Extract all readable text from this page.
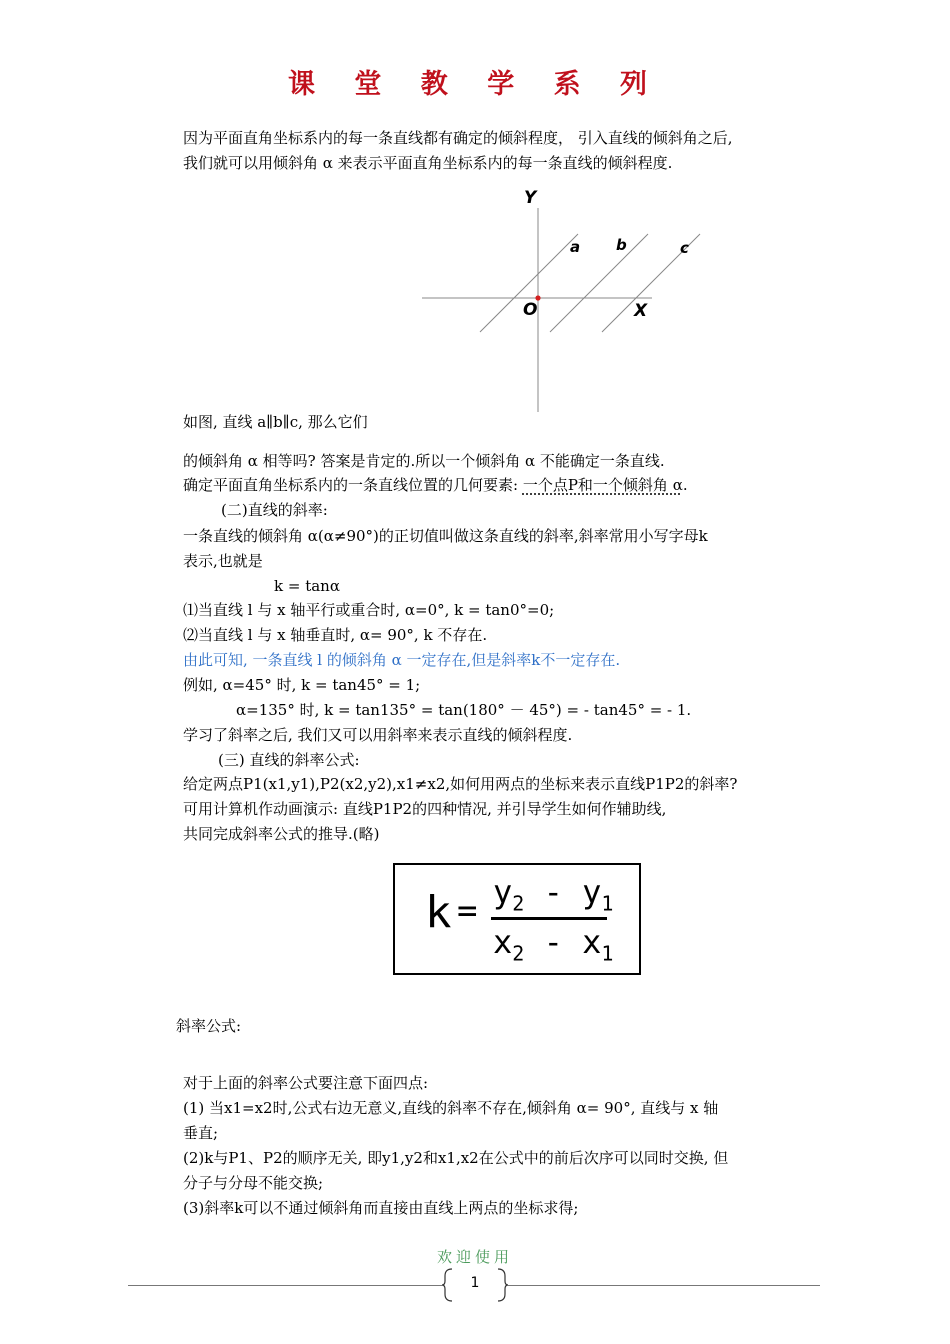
课 堂 教 学 系 列
因为平面直角坐标系内的每一条直线都有确定的倾斜程度， 引入直线的倾斜角之后,
我们就可以用倾斜角 α 来表示平面直角坐标系内的每一条直线的倾斜程度.
Y
X
O
a b	c
如图, 直线 a∥b∥c, 那么它们
的倾斜角 α 相等吗? 答案是肯定的.所以一个倾斜角 α 不能确定一条直线.
确定平面直角坐标系内的一条直线位置的几何要素: 一个点P和一个倾斜角 α.
(二)直线的斜率:
一条直线的倾斜角 α(α≠90°)的正切值叫做这条直线的斜率,斜率常用小写字母k
表示,也就是
k = tanα
⑴当直线 l 与 x 轴平行或重合时, α=0°, k = tan0°=0;
⑵当直线 l 与 x 轴垂直时, α= 90°, k 不存在.
由此可知, 一条直线 l 的倾斜角 α 一定存在,但是斜率k不一定存在.
例如, α=45° 时, k = tan45° = 1;
α=135° 时, k = tan135° = tan(180° － 45°) = - tan45° = - 1.
学习了斜率之后, 我们又可以用斜率来表示直线的倾斜程度.
(三) 直线的斜率公式:
给定两点P1(x1,y1),P2(x2,y2),x1≠x2,如何用两点的坐标来表示直线P1P2的斜率?
可用计算机作动画演示: 直线P1P2的四种情况, 并引导学生如何作辅助线,
共同完成斜率公式的推导.(略)
$k = y_2 - y_1$
$x_2 - x_1$
斜率公式:
对于上面的斜率公式要注意下面四点:
(1) 当x1=x2时,公式右边无意义,直线的斜率不存在,倾斜角 α= 90°, 直线与 x 轴
垂直;
(2)k与P1、P2的顺序无关, 即y1,y2和x1,x2在公式中的前后次序可以同时交换, 但
分子与分母不能交换;
(3)斜率k可以不通过倾斜角而直接由直线上两点的坐标求得;
欢迎使用
1
